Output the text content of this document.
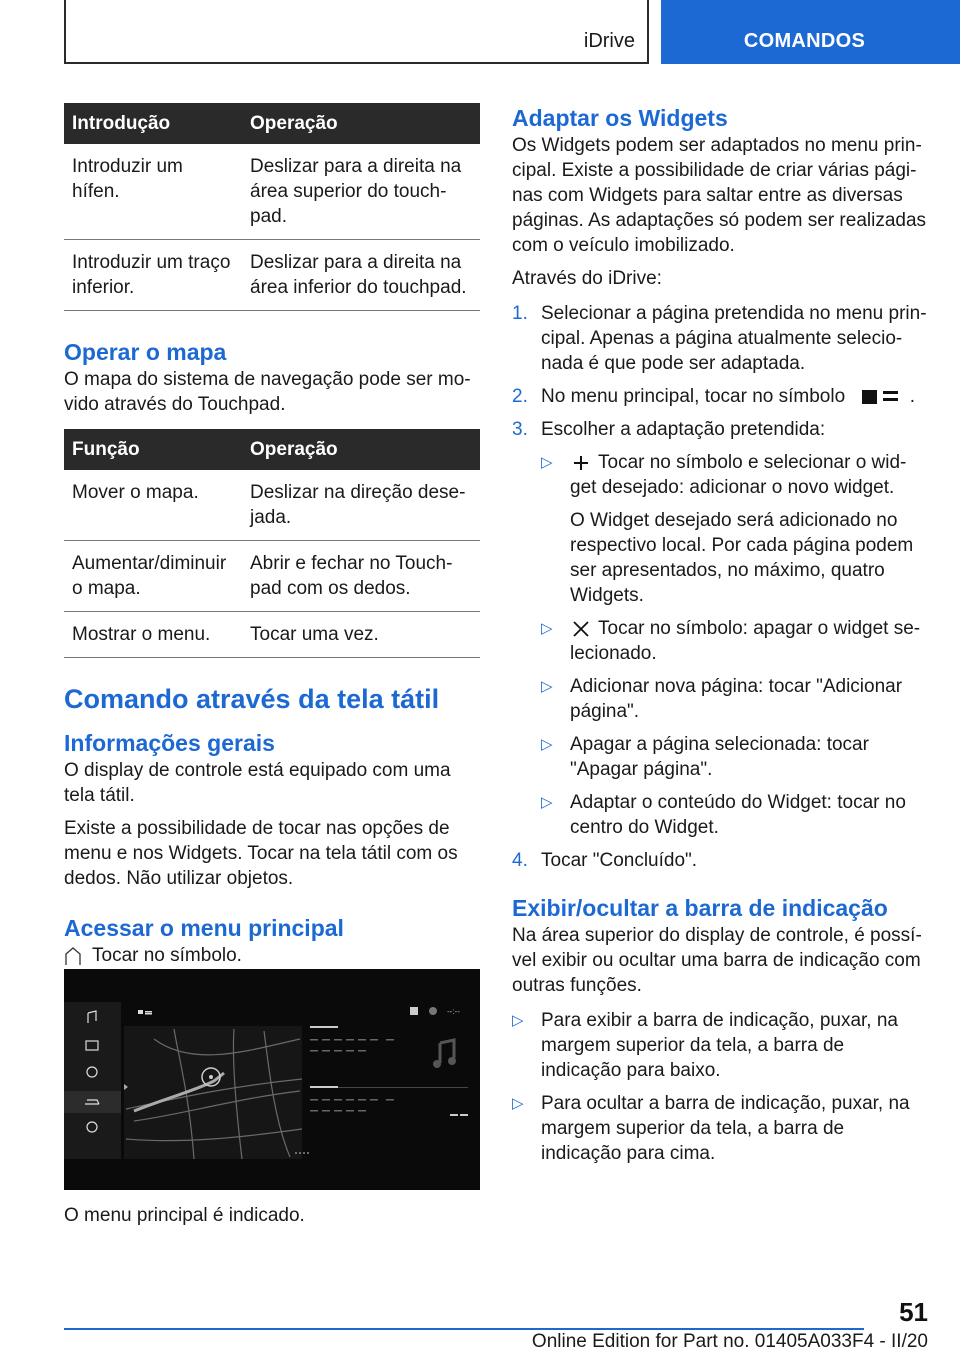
iDrive	COMANDOS
Introdução	Operação
Introduzir um hífen.	Deslizar para a direita na área superior do touch-pad.
Introduzir um traço inferior.	Deslizar para a direita na área inferior do touchpad.
Operar o mapa

O mapa do sistema de navegação pode ser mo-vido através do Touchpad.

Função	Operação
Mover o mapa.	Deslizar na direção dese-jada.
Aumentar/diminuir o mapa.	Abrir e fechar no Touch-pad com os dedos.
Mostrar o menu.	Tocar uma vez.
Comando através da tela tátil
Informações gerais

O display de controle está equipado com uma tela tátil.

Existe a possibilidade de tocar nas opções de menu e nos Widgets. Tocar na tela tátil com os dedos. Não utilizar objetos.

Acessar o menu principal

Tocar no símbolo.

--:--

O menu principal é indicado.

Adaptar os Widgets

Os Widgets podem ser adaptados no menu prin-cipal. Existe a possibilidade de criar várias pági-nas com Widgets para saltar entre as diversas páginas. As adaptações só podem ser realizadas com o veículo imobilizado.

Através do iDrive:

1. Selecionar a página pretendida no menu prin-cipal. Apenas a página atualmente selecio-nada é que pode ser adaptada.
2. No menu principal, tocar no símbolo	.
3. Escolher a adaptação pretendida:
▷ Tocar no símbolo e selecionar o wid-get desejado: adicionar o novo widget.
O Widget desejado será adicionado no respectivo local. Por cada página podem ser apresentados, no máximo, quatro Widgets.
▷ Tocar no símbolo: apagar o widget se-lecionado.
▷ Adicionar nova página: tocar "Adicionar página".
▷ Apagar a página selecionada: tocar "Apagar página".
▷ Adaptar o conteúdo do Widget: tocar no centro do Widget.
4. Tocar "Concluído".
Exibir/ocultar a barra de indicação

Na área superior do display de controle, é possí-vel exibir ou ocultar uma barra de indicação com outras funções.

▷ Para exibir a barra de indicação, puxar, na margem superior da tela, a barra de indicação para baixo.
▷ Para ocultar a barra de indicação, puxar, na margem superior da tela, a barra de indicação para cima.
51
Online Edition for Part no. 01405A033F4 - II/20
